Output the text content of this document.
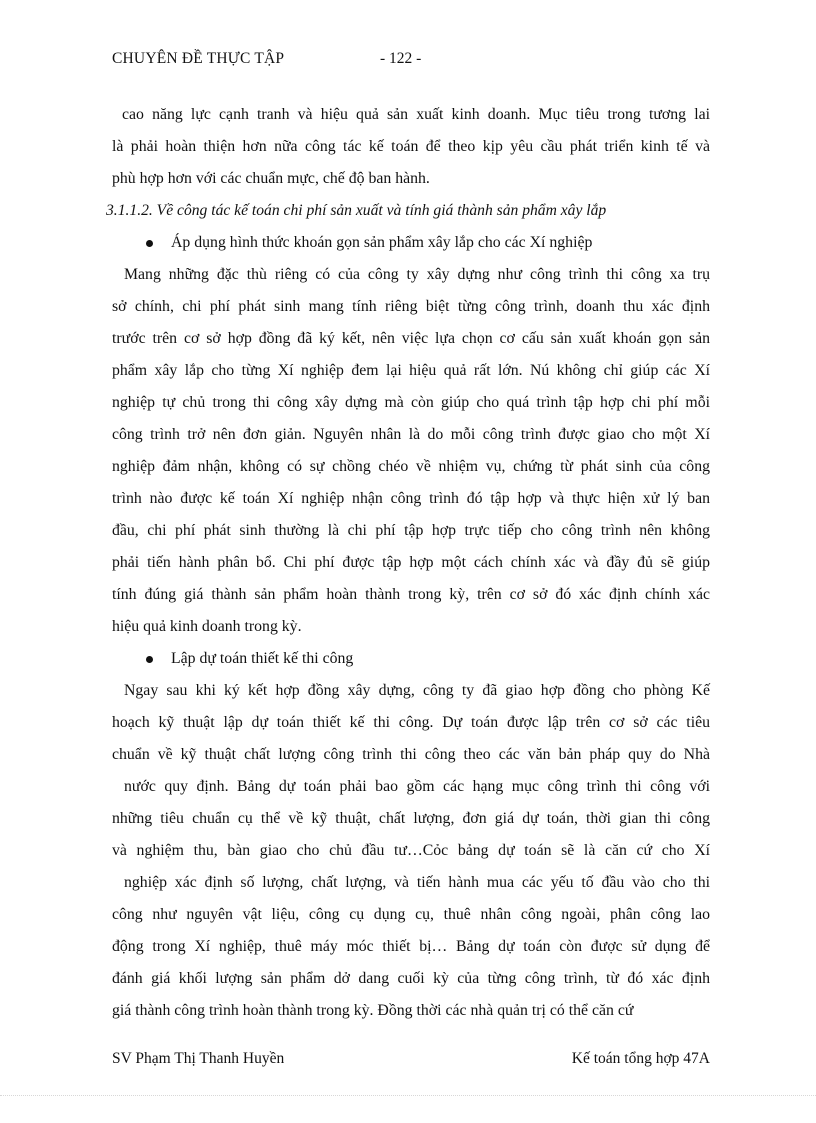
CHUYÊN ĐỀ THỰC TẬP	- 122 -
cao năng lực cạnh tranh và hiệu quả sản xuất kinh doanh. Mục tiêu trong tương lai
là phải hoàn thiện hơn nữa công tác kế toán để theo kịp yêu cầu phát triển kinh tế và
phù hợp hơn với các chuẩn mực, chế độ ban hành.
3.1.1.2. Về công tác kế toán chi phí sản xuất và tính giá thành sản phẩm xây lắp
Áp dụng hình thức khoán gọn sản phẩm xây lắp cho các Xí nghiệp
Mang những đặc thù riêng có của công ty xây dựng như công trình thi công xa trụ
sở chính, chi phí phát sinh mang tính riêng biệt từng công trình, doanh thu xác định
trước trên cơ sở hợp đồng đã ký kết, nên việc lựa chọn cơ cấu sản xuất khoán gọn sản
phẩm xây lắp cho từng Xí nghiệp đem lại hiệu quả rất lớn. Nú không chỉ giúp các Xí
nghiệp tự chủ trong thi công xây dựng mà còn giúp cho quá trình tập hợp chi phí mỗi
công trình trở nên đơn giản. Nguyên nhân là do mỗi công trình được giao cho một Xí
nghiệp đảm nhận, không có sự chồng chéo về nhiệm vụ, chứng từ phát sinh của công
trình nào được kế toán Xí nghiệp nhận công trình đó tập hợp và thực hiện xử lý ban
đầu, chi phí phát sinh thường là chi phí tập hợp trực tiếp cho công trình nên không
phải tiến hành phân bổ. Chi phí được tập hợp một cách chính xác và đầy đủ sẽ giúp
tính đúng giá thành sản phẩm hoàn thành trong kỳ, trên cơ sở đó xác định chính xác
hiệu quả kinh doanh trong kỳ.
Lập dự toán thiết kế thi công
Ngay sau khi ký kết hợp đồng xây dựng, công ty đã giao hợp đồng cho phòng Kế
hoạch kỹ thuật lập dự toán thiết kế thi công. Dự toán được lập trên cơ sở các tiêu
chuẩn về kỹ thuật chất lượng công trình thi công theo các văn bản pháp quy do Nhà
nước quy định. Bảng dự toán phải bao gồm các hạng mục công trình thi công với
những tiêu chuẩn cụ thể về kỹ thuật, chất lượng, đơn giá dự toán, thời gian thi công
và nghiệm thu, bàn giao cho chủ đầu tư…Cỏc bảng dự toán sẽ là căn cứ cho Xí
nghiệp xác định số lượng, chất lượng, và tiến hành mua các yếu tố đầu vào cho thi
công như nguyên vật liệu, công cụ dụng cụ, thuê nhân công ngoài, phân công lao
động trong Xí nghiệp, thuê máy móc thiết bị… Bảng dự toán còn được sử dụng để
đánh giá khối lượng sản phẩm dở dang cuối kỳ của từng công trình, từ đó xác định
giá thành công trình hoàn thành trong kỳ. Đồng thời các nhà quản trị có thể căn cứ
SV Phạm Thị Thanh Huyền	Kế toán tổng hợp 47A
